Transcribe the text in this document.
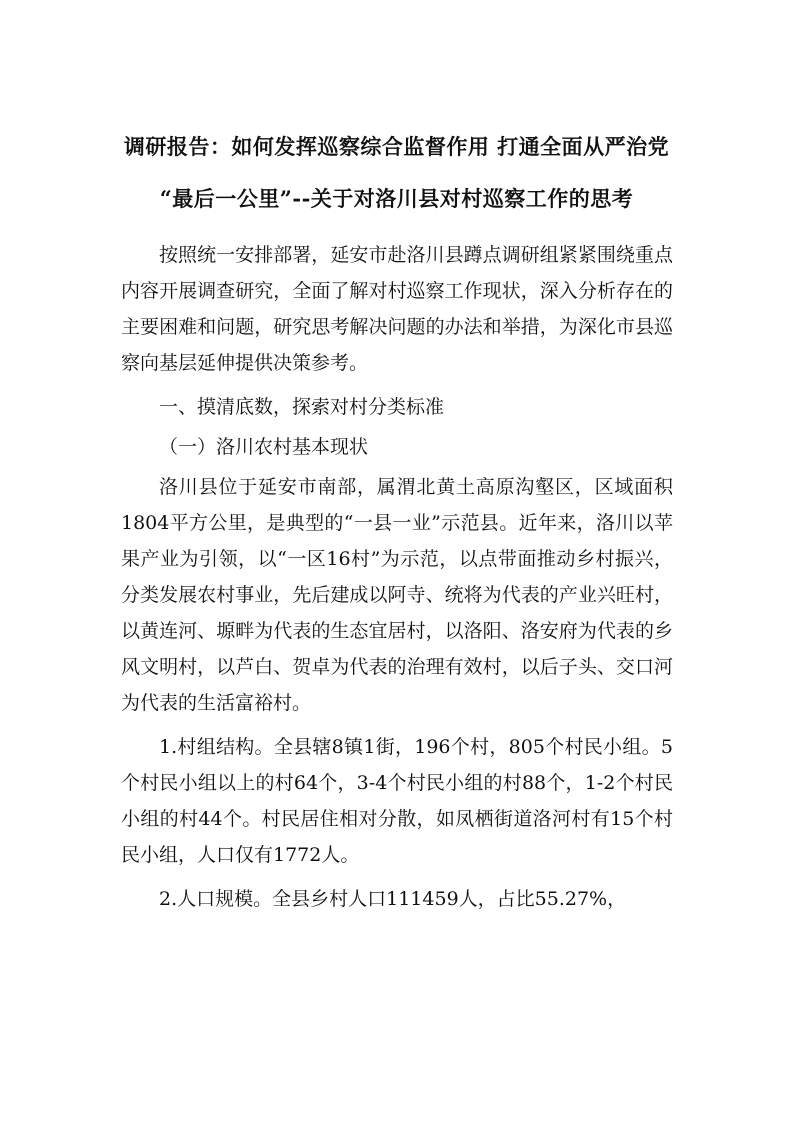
调研报告：如何发挥巡察综合监督作用 打通全面从严治党
“最后一公里”--关于对洛川县对村巡察工作的思考

按照统一安排部署，延安市赴洛川县蹲点调研组紧紧围绕重点内容开展调查研究，全面了解对村巡察工作现状，深入分析存在的主要困难和问题，研究思考解决问题的办法和举措，为深化市县巡察向基层延伸提供决策参考。

一、摸清底数，探索对村分类标准

（一）洛川农村基本现状

洛川县位于延安市南部，属渭北黄土高原沟壑区，区域面积1804平方公里，是典型的“一县一业”示范县。近年来，洛川以苹果产业为引领，以“一区16村”为示范，以点带面推动乡村振兴，分类发展农村事业，先后建成以阿寺、统将为代表的产业兴旺村，以黄连河、塬畔为代表的生态宜居村，以洛阳、洛安府为代表的乡风文明村，以芦白、贺卓为代表的治理有效村，以后子头、交口河为代表的生活富裕村。

1.村组结构。全县辖8镇1街，196个村，805个村民小组。5个村民小组以上的村64个，3-4个村民小组的村88个，1-2个村民小组的村44个。村民居住相对分散，如凤栖街道洛河村有15个村民小组，人口仅有1772人。

2.人口规模。全县乡村人口111459人，占比55.27%，
